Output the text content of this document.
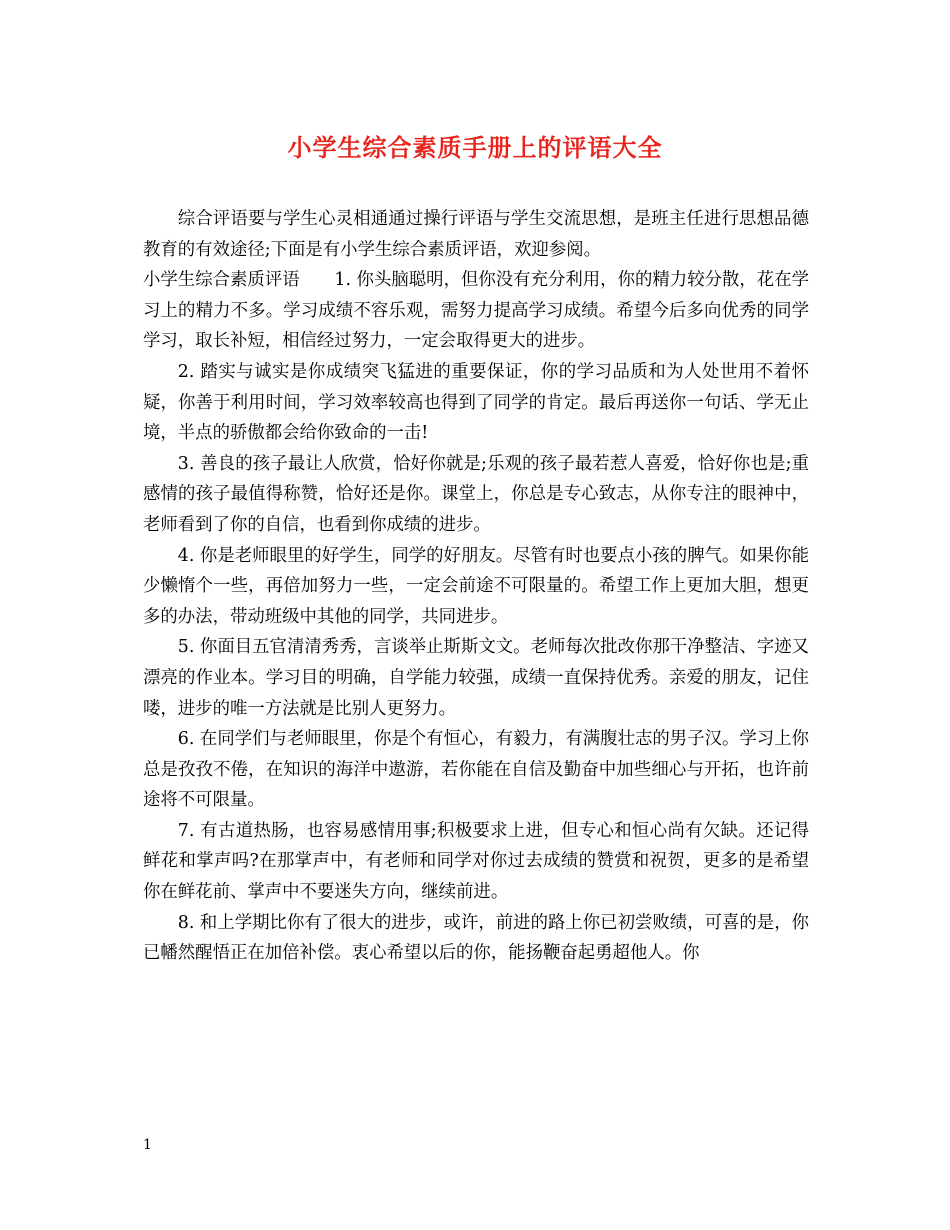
小学生综合素质手册上的评语大全

综合评语要与学生心灵相通通过操行评语与学生交流思想，是班主任进行思想品德教育的有效途径;下面是有小学生综合素质评语，欢迎参阅。

小学生综合素质评语　　1. 你头脑聪明，但你没有充分利用，你的精力较分散，花在学习上的精力不多。学习成绩不容乐观，需努力提高学习成绩。希望今后多向优秀的同学学习，取长补短，相信经过努力，一定会取得更大的进步。

2. 踏实与诚实是你成绩突飞猛进的重要保证，你的学习品质和为人处世用不着怀疑，你善于利用时间，学习效率较高也得到了同学的肯定。最后再送你一句话、学无止境，半点的骄傲都会给你致命的一击!

3. 善良的孩子最让人欣赏，恰好你就是;乐观的孩子最若惹人喜爱，恰好你也是;重感情的孩子最值得称赞，恰好还是你。课堂上，你总是专心致志，从你专注的眼神中，老师看到了你的自信，也看到你成绩的进步。

4. 你是老师眼里的好学生，同学的好朋友。尽管有时也要点小孩的脾气。如果你能少懒惰个一些，再倍加努力一些，一定会前途不可限量的。希望工作上更加大胆，想更多的办法，带动班级中其他的同学，共同进步。

5. 你面目五官清清秀秀，言谈举止斯斯文文。老师每次批改你那干净整洁、字迹又漂亮的作业本。学习目的明确，自学能力较强，成绩一直保持优秀。亲爱的朋友，记住喽，进步的唯一方法就是比别人更努力。

6. 在同学们与老师眼里，你是个有恒心，有毅力，有满腹壮志的男子汉。学习上你总是孜孜不倦，在知识的海洋中遨游，若你能在自信及勤奋中加些细心与开拓，也许前途将不可限量。

7. 有古道热肠，也容易感情用事;积极要求上进，但专心和恒心尚有欠缺。还记得鲜花和掌声吗?在那掌声中，有老师和同学对你过去成绩的赞赏和祝贺，更多的是希望你在鲜花前、掌声中不要迷失方向，继续前进。

8. 和上学期比你有了很大的进步，或许，前进的路上你已初尝败绩，可喜的是，你已幡然醒悟正在加倍补偿。衷心希望以后的你，能扬鞭奋起勇超他人。你

1
